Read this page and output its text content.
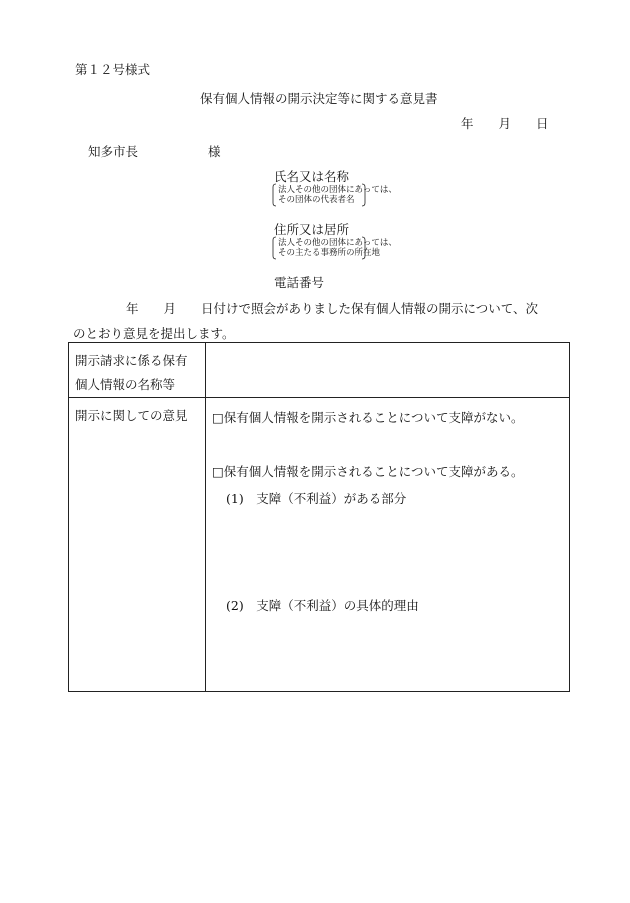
第１２号様式
保有個人情報の開示決定等に関する意見書
年　　月　　日
知多市長	様
氏名又は名称
法人その他の団体にあっては、
その団体の代表者名
住所又は居所
法人その他の団体にあっては、
その主たる事務所の所在地
電話番号
年　　月　　日付けで照会がありました保有個人情報の開示について、次
のとおり意見を提出します。
開示請求に係る保有
個人情報の名称等	

開示に関しての意見	□保有個人情報を開示されることについて支障がない。
□保有個人情報を開示されることについて支障がある。
(1)　支障（不利益）がある部分
(2)　支障（不利益）の具体的理由
